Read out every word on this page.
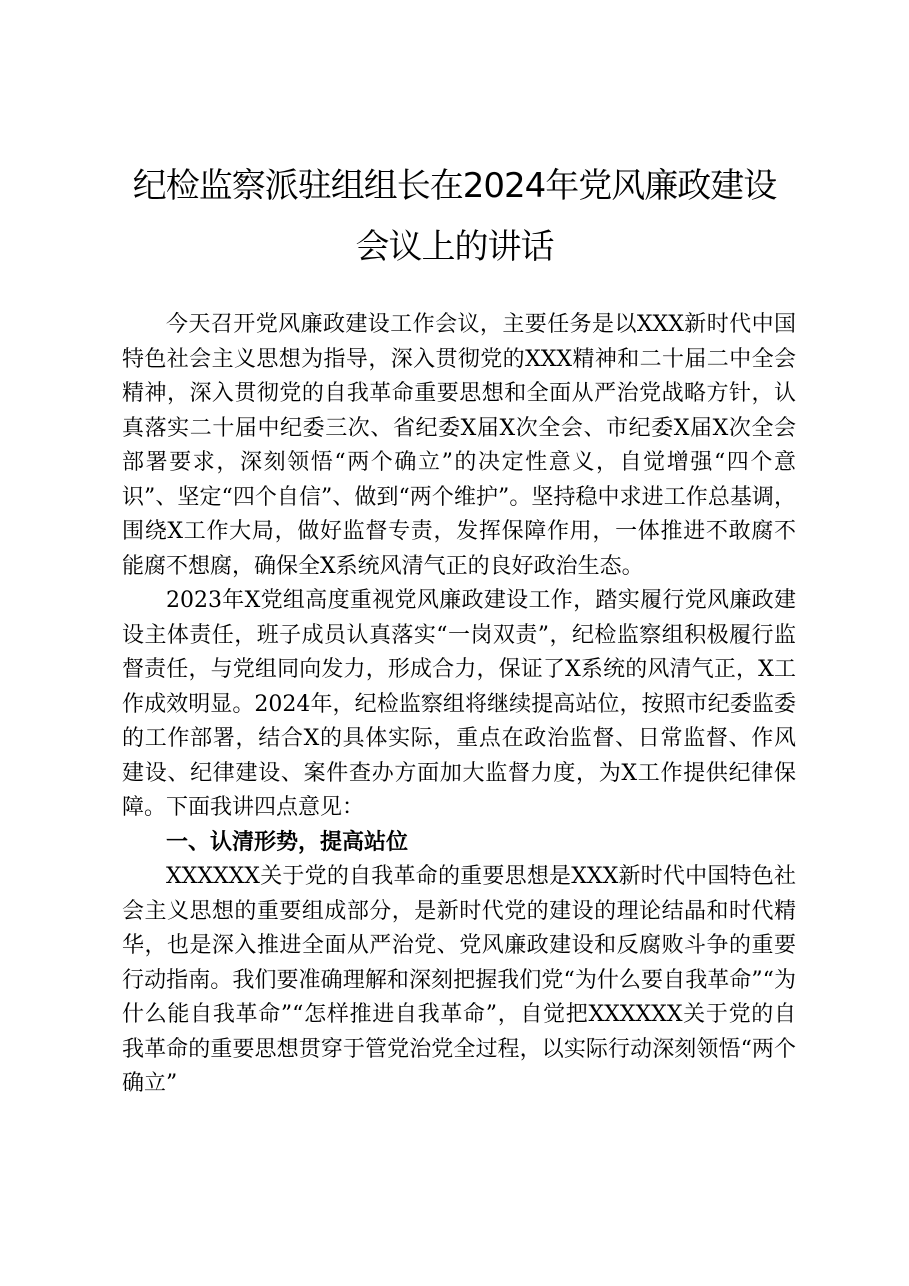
纪检监察派驻组组长在2024年党风廉政建设
会议上的讲话

今天召开党风廉政建设工作会议，主要任务是以XXX新时代中国特色社会主义思想为指导，深入贯彻党的XXX精神和二十届二中全会精神，深入贯彻党的自我革命重要思想和全面从严治党战略方针，认真落实二十届中纪委三次、省纪委X届X次全会、市纪委X届X次全会部署要求，深刻领悟“两个确立”的决定性意义，自觉增强“四个意识”、坚定“四个自信”、做到“两个维护”。坚持稳中求进工作总基调，围绕X工作大局，做好监督专责，发挥保障作用，一体推进不敢腐不能腐不想腐，确保全X系统风清气正的良好政治生态。

2023年X党组高度重视党风廉政建设工作，踏实履行党风廉政建设主体责任，班子成员认真落实“一岗双责”，纪检监察组积极履行监督责任，与党组同向发力，形成合力，保证了X系统的风清气正，X工作成效明显。2024年，纪检监察组将继续提高站位，按照市纪委监委的工作部署，结合X的具体实际，重点在政治监督、日常监督、作风建设、纪律建设、案件查办方面加大监督力度，为X工作提供纪律保障。下面我讲四点意见：

一、认清形势，提高站位

XXXXXX关于党的自我革命的重要思想是XXX新时代中国特色社会主义思想的重要组成部分，是新时代党的建设的理论结晶和时代精华，也是深入推进全面从严治党、党风廉政建设和反腐败斗争的重要行动指南。我们要准确理解和深刻把握我们党“为什么要自我革命”“为什么能自我革命”“怎样推进自我革命”，自觉把XXXXXX关于党的自我革命的重要思想贯穿于管党治党全过程，以实际行动深刻领悟“两个确立”
